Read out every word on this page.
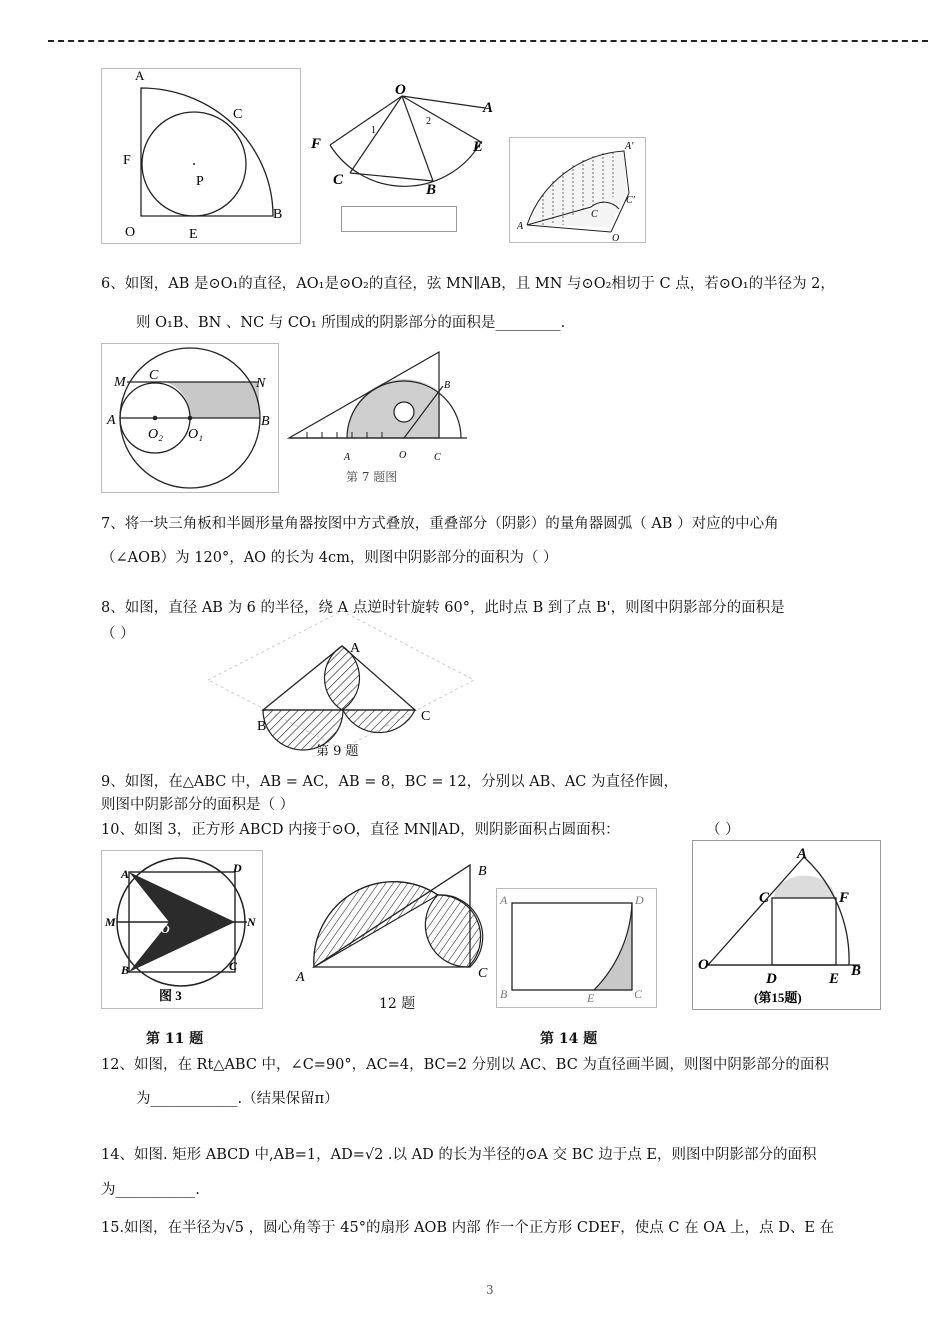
A
C
F
P
O	E
B
O
A
F	E
C
B
1
2
A′
A
C
C′
O
6、如图，AB 是⊙O₁的直径，AO₁是⊙O₂的直径，弦 MN∥AB，且 MN 与⊙O₂相切于 C 点，若⊙O₁的半径为 2，
则 O₁B、BN 、NC 与 CO₁ 所围成的阴影部分的面积是_________.
M C
N
A	B
O₂ O₁
A	O	C
B
第 7 题图
7、将一块三角板和半圆形量角器按图中方式叠放，重叠部分（阴影）的量角器圆弧（ AB ）对应的中心角
（∠AOB）为 120°，AO 的长为 4cm，则图中阴影部分的面积为（ ）
8、如图，直径 AB 为 6 的半径，绕 A 点逆时针旋转 60°，此时点 B 到了点 B'，则图中阴影部分的面积是
（ ）
A
B
C
第 9 题
9、如图，在△ABC 中，AB = AC，AB = 8，BC = 12，分别以 AB、AC 为直径作圆，
则图中阴影部分的面积是（ ）
10、如图 3，正方形 ABCD 内接于⊙O，直径 MN∥AD，则阴影面积占圆面积：	（ ）
A	D
M	N
O
B	C
图 3
A
B
C
12 题
A	D
B	E	C
A
C	F
O
D	E B
(第15题)
第 11 题	第 14 题
12、如图，在 Rt△ABC 中，∠C=90°，AC=4，BC=2 分别以 AC、BC 为直径画半圆，则图中阴影部分的面积
为____________.（结果保留π）
14、如图. 矩形 ABCD 中,AB=1，AD=√2 .以 AD 的长为半径的⊙A 交 BC 边于点 E，则图中阴影部分的面积
为___________.
15.如图，在半径为√5 ，圆心角等于 45°的扇形 AOB 内部 作一个正方形 CDEF，使点 C 在 OA 上，点 D、E 在
3
